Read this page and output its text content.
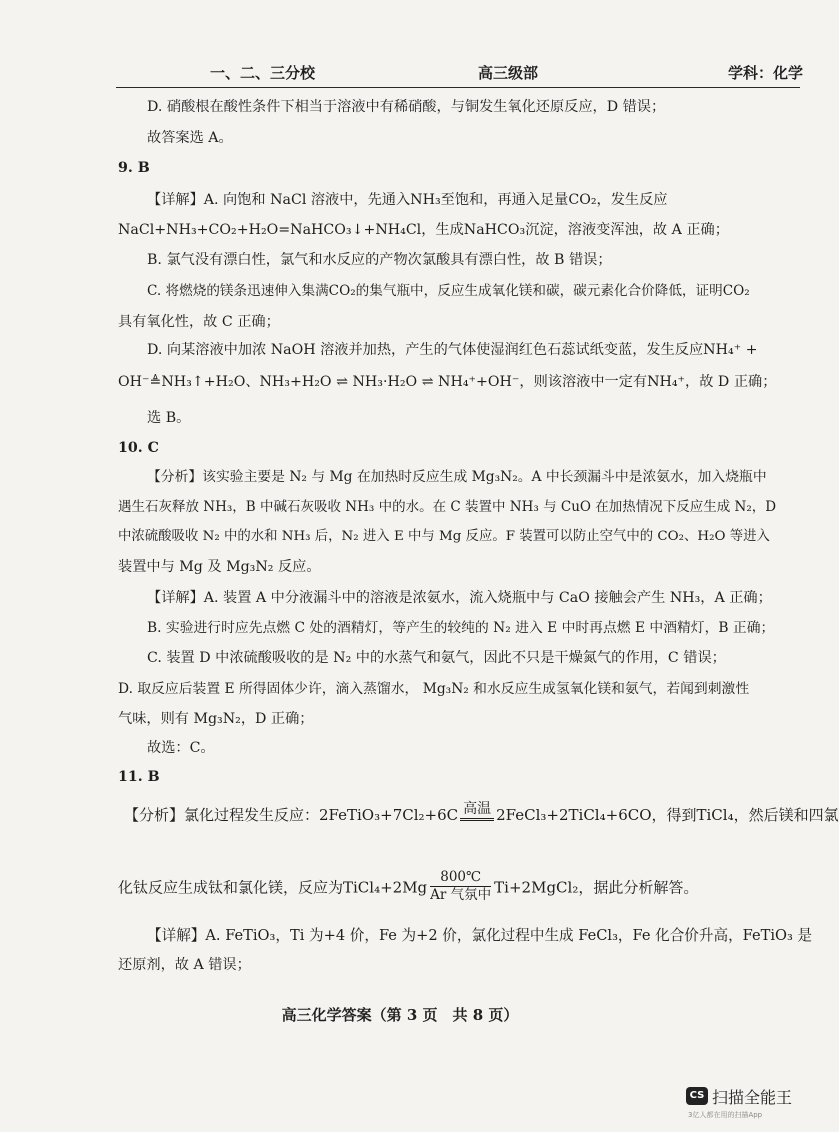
一、二、三分校	高三级部	学科：化学
D. 硝酸根在酸性条件下相当于溶液中有稀硝酸，与铜发生氧化还原反应，D 错误；
故答案选 A。
9. B
【详解】A. 向饱和 NaCl 溶液中，先通入NH₃至饱和，再通入足量CO₂，发生反应
NaCl+NH₃+CO₂+H₂O=NaHCO₃↓+NH₄Cl，生成NaHCO₃沉淀，溶液变浑浊，故 A 正确；
B. 氯气没有漂白性，氯气和水反应的产物次氯酸具有漂白性，故 B 错误；
C. 将燃烧的镁条迅速伸入集满CO₂的集气瓶中，反应生成氧化镁和碳，碳元素化合价降低，证明CO₂
具有氧化性，故 C 正确；
D. 向某溶液中加浓 NaOH 溶液并加热，产生的气体使湿润红色石蕊试纸变蓝，发生反应NH₄⁺ +
OH⁻≜NH₃↑+H₂O、NH₃+H₂O ⇌ NH₃·H₂O ⇌ NH₄⁺+OH⁻，则该溶液中一定有NH₄⁺，故 D 正确；
选 B。
10. C
【分析】该实验主要是 N₂ 与 Mg 在加热时反应生成 Mg₃N₂。A 中长颈漏斗中是浓氨水，加入烧瓶中
遇生石灰释放 NH₃，B 中碱石灰吸收 NH₃ 中的水。在 C 装置中 NH₃ 与 CuO 在加热情况下反应生成 N₂，D
中浓硫酸吸收 N₂ 中的水和 NH₃ 后，N₂ 进入 E 中与 Mg 反应。F 装置可以防止空气中的 CO₂、H₂O 等进入
装置中与 Mg 及 Mg₃N₂ 反应。
【详解】A. 装置 A 中分液漏斗中的溶液是浓氨水，流入烧瓶中与 CaO 接触会产生 NH₃，A 正确；
B. 实验进行时应先点燃 C 处的酒精灯，等产生的较纯的 N₂ 进入 E 中时再点燃 E 中酒精灯，B 正确；
C. 装置 D 中浓硫酸吸收的是 N₂ 中的水蒸气和氨气，因此不只是干燥氮气的作用，C 错误；
D. 取反应后装置 E 所得固体少许，滴入蒸馏水， Mg₃N₂ 和水反应生成氢氧化镁和氨气，若闻到刺激性
气味，则有 Mg₃N₂，D 正确；
故选：C。
11. B
【分析】氯化过程发生反应：2FeTiO₃+7Cl₂+6C 高温 2FeCl₃+2TiCl₄+6CO，得到TiCl₄，然后镁和四氯
化钛反应生成钛和氯化镁，反应为TiCl₄+2Mg $\frac{800℃}{\text{Ar 气氛中}}$ Ti+2MgCl₂，据此分析解答。
【详解】A. FeTiO₃，Ti 为+4 价，Fe 为+2 价，氯化过程中生成 FeCl₃，Fe 化合价升高，FeTiO₃ 是
还原剂，故 A 错误；
高三化学答案（第 3 页　共 8 页）
CS 扫描全能王
3亿人都在用的扫描App
